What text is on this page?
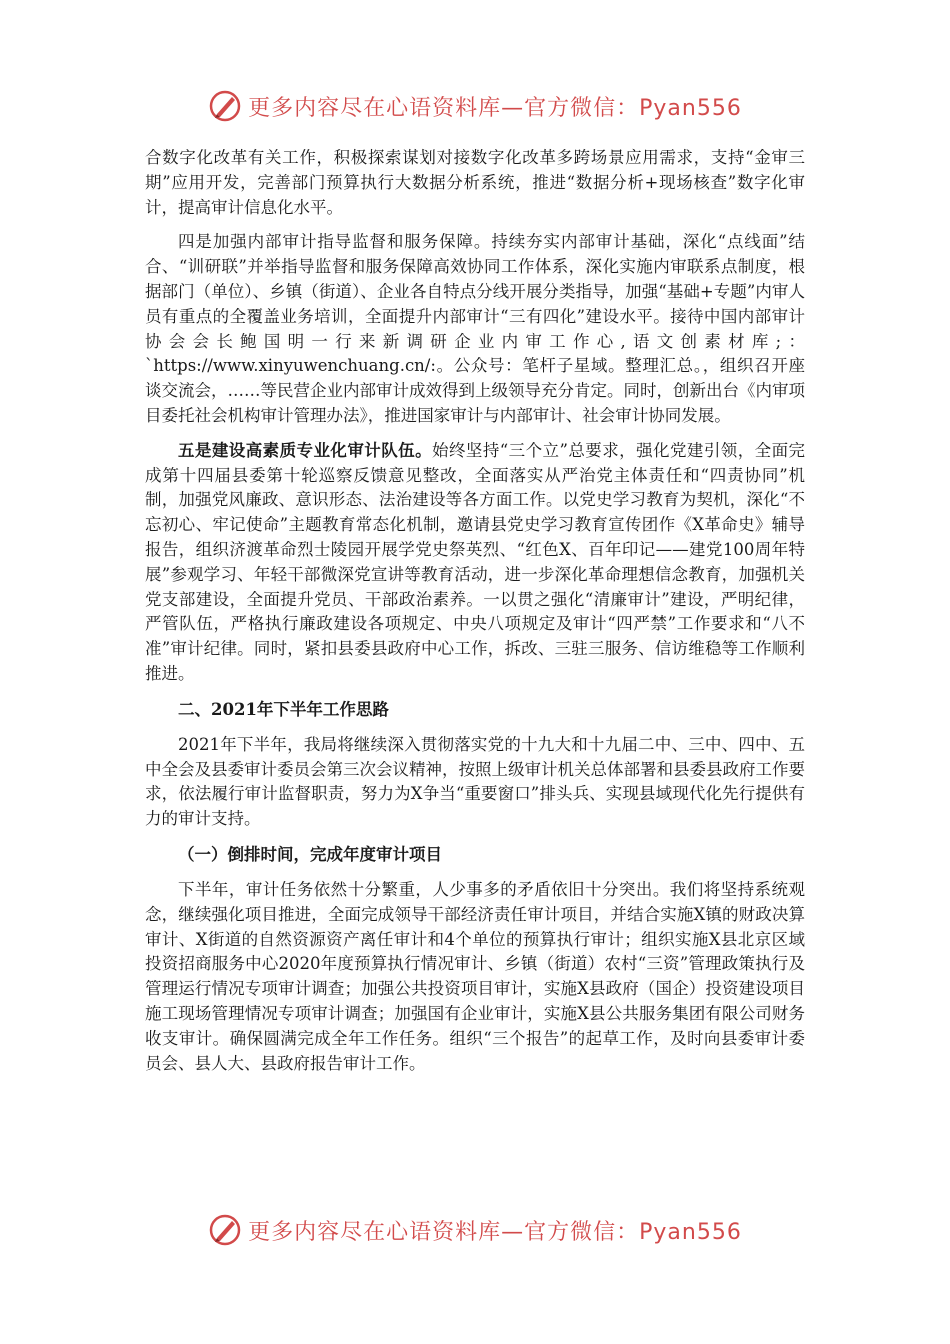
更多内容尽在心语资料库—官方微信：Pyan556

合数字化改革有关工作，积极探索谋划对接数字化改革多跨场景应用需求，支持“金审三期”应用开发，完善部门预算执行大数据分析系统，推进“数据分析+现场核查”数字化审计，提高审计信息化水平。

四是加强内部审计指导监督和服务保障。持续夯实内部审计基础，深化“点线面”结合、“训研联”并举指导监督和服务保障高效协同工作体系，深化实施内审联系点制度，根据部门（单位）、乡镇（街道）、企业各自特点分线开展分类指导，加强“基础+专题”内审人员有重点的全覆盖业务培训，全面提升内部审计“三有四化”建设水平。接待中国内部审计协会会长鲍国明一行来新调研企业内审工作心,语文创素材库;：`https://www.xinyuwenchuang.cn/:。公众号：笔杆子星域。整理汇总。，组织召开座谈交流会，……等民营企业内部审计成效得到上级领导充分肯定。同时，创新出台《内审项目委托社会机构审计管理办法》，推进国家审计与内部审计、社会审计协同发展。

五是建设高素质专业化审计队伍。始终坚持“三个立”总要求，强化党建引领，全面完成第十四届县委第十轮巡察反馈意见整改，全面落实从严治党主体责任和“四责协同”机制，加强党风廉政、意识形态、法治建设等各方面工作。以党史学习教育为契机，深化“不忘初心、牢记使命”主题教育常态化机制，邀请县党史学习教育宣传团作《X革命史》辅导报告，组织济渡革命烈士陵园开展学党史祭英烈、“红色X、百年印记——建党100周年特展”参观学习、年轻干部微深党宣讲等教育活动，进一步深化革命理想信念教育，加强机关党支部建设，全面提升党员、干部政治素养。一以贯之强化“清廉审计”建设，严明纪律，严管队伍，严格执行廉政建设各项规定、中央八项规定及审计“四严禁”工作要求和“八不准”审计纪律。同时，紧扣县委县政府中心工作，拆改、三驻三服务、信访维稳等工作顺利推进。

二、2021年下半年工作思路

2021年下半年，我局将继续深入贯彻落实党的十九大和十九届二中、三中、四中、五中全会及县委审计委员会第三次会议精神，按照上级审计机关总体部署和县委县政府工作要求，依法履行审计监督职责，努力为X争当“重要窗口”排头兵、实现县域现代化先行提供有力的审计支持。

（一）倒排时间，完成年度审计项目

下半年，审计任务依然十分繁重，人少事多的矛盾依旧十分突出。我们将坚持系统观念，继续强化项目推进，全面完成领导干部经济责任审计项目，并结合实施X镇的财政决算审计、X街道的自然资源资产离任审计和4个单位的预算执行审计；组织实施X县北京区域投资招商服务中心2020年度预算执行情况审计、乡镇（街道）农村“三资”管理政策执行及管理运行情况专项审计调查；加强公共投资项目审计，实施X县政府（国企）投资建设项目施工现场管理情况专项审计调查；加强国有企业审计，实施X县公共服务集团有限公司财务收支审计。确保圆满完成全年工作任务。组织“三个报告”的起草工作，及时向县委审计委员会、县人大、县政府报告审计工作。

更多内容尽在心语资料库—官方微信：Pyan556
